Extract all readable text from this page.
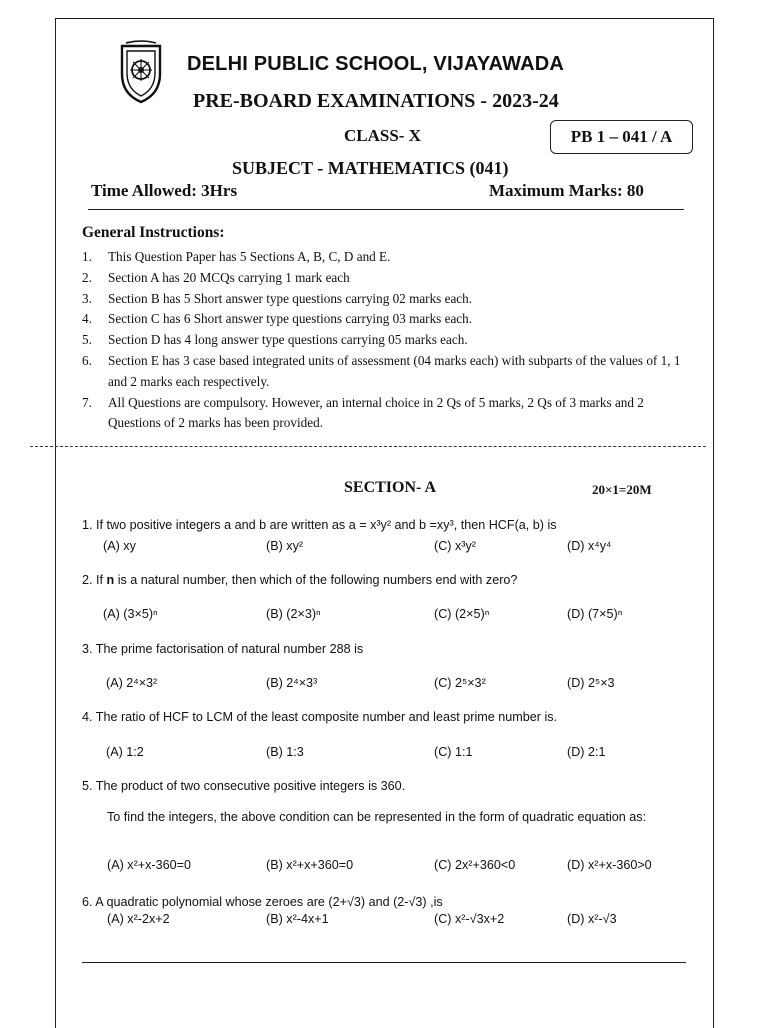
DELHI PUBLIC SCHOOL, VIJAYAWADA
PRE-BOARD EXAMINATIONS - 2023-24
CLASS- X	PB 1 – 041 / A
SUBJECT - MATHEMATICS (041)
Time Allowed: 3Hrs	Maximum Marks: 80
General Instructions:
1.	This Question Paper has 5 Sections A, B, C, D and E.
2.	Section A has 20 MCQs carrying 1 mark each
3.	Section B has 5 Short answer type questions carrying 02 marks each.
4.	Section C has 6 Short answer type questions carrying 03 marks each.
5.	Section D has 4 long answer type questions carrying 05 marks each.
6.	Section E has 3 case based integrated units of assessment (04 marks each) with subparts of the values of 1, 1 and 2 marks each respectively.
7.	All Questions are compulsory. However, an internal choice in 2 Qs of 5 marks, 2 Qs of 3 marks and 2 Questions of 2 marks has been provided.
SECTION- A	20×1=20M
1. If two positive integers a and b are written as a = x³y² and b =xy³, then HCF(a, b) is
(A) xy	(B) xy²	(C) x³y²	(D) x⁴y⁴
2. If n is a natural number, then which of the following numbers end with zero?
(A) (3×5)ⁿ	(B) (2×3)ⁿ	(C) (2×5)ⁿ	(D) (7×5)ⁿ
3. The prime factorisation of natural number 288 is
(A) 2⁴×3²	(B) 2⁴×3³	(C) 2⁵×3²	(D) 2⁵×3
4. The ratio of HCF to LCM of the least composite number and least prime number is.
(A) 1:2	(B) 1:3	(C) 1:1	(D) 2:1
5. The product of two consecutive positive integers is 360.
To find the integers, the above condition can be represented in the form of quadratic equation as:
(A) x²+x-360=0	(B) x²+x+360=0	(C) 2x²+360<0	(D) x²+x-360>0
6. A quadratic polynomial whose zeroes are (2+√3) and (2-√3) ,is
(A) x²-2x+2	(B) x²-4x+1	(C) x²-√3x+2	(D) x²-√3
